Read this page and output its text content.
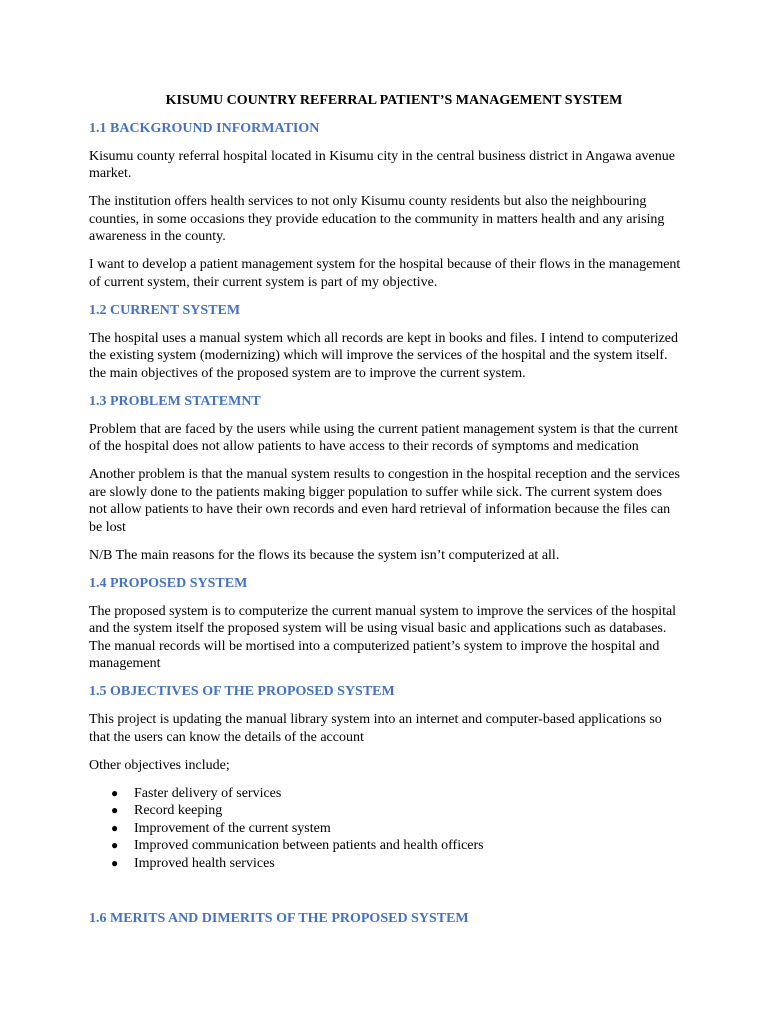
KISUMU COUNTRY REFERRAL PATIENT’S MANAGEMENT SYSTEM
1.1 BACKGROUND INFORMATION

Kisumu county referral hospital located in Kisumu city in the central business district in Angawa avenue market.

The institution offers health services to not only Kisumu county residents but also the neighbouring counties, in some occasions they provide education to the community in matters health and any arising awareness in the county.

I want to develop a patient management system for the hospital because of their flows in the management of current system, their current system is part of my objective.

1.2 CURRENT SYSTEM

The hospital uses a manual system which all records are kept in books and files. I intend to computerized the existing system (modernizing) which will improve the services of the hospital and the system itself. the main objectives of the proposed system are to improve the current system.

1.3 PROBLEM STATEMNT

Problem that are faced by the users while using the current patient management system is that the current of the hospital does not allow patients to have access to their records of symptoms and medication

Another problem is that the manual system results to congestion in the hospital reception and the services are slowly done to the patients making bigger population to suffer while sick. The current system does not allow patients to have their own records and even hard retrieval of information because the files can be lost

N/B The main reasons for the flows its because the system isn’t computerized at all.

1.4 PROPOSED SYSTEM

The proposed system is to computerize the current manual system to improve the services of the hospital and the system itself the proposed system will be using visual basic and applications such as databases. The manual records will be mortised into a computerized patient’s system to improve the hospital and management

1.5 OBJECTIVES OF THE PROPOSED SYSTEM

This project is updating the manual library system into an internet and computer-based applications so that the users can know the details of the account

Other objectives include;

● Faster delivery of services
● Record keeping
● Improvement of the current system
● Improved communication between patients and health officers
● Improved health services
1.6 MERITS AND DIMERITS OF THE PROPOSED SYSTEM
